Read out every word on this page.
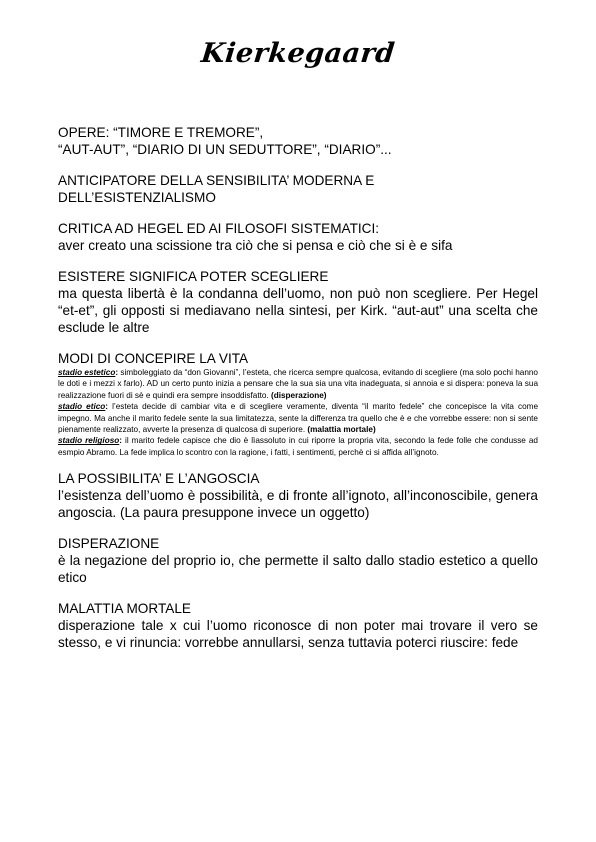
Kierkegaard
OPERE: “TIMORE E TREMORE”,
“AUT-AUT”, “DIARIO DI UN SEDUTTORE”, “DIARIO”...
ANTICIPATORE DELLA SENSIBILITA’ MODERNA E
DELL’ESISTENZIALISMO
CRITICA AD HEGEL ED AI FILOSOFI SISTEMATICI:
aver creato una scissione tra ciò che si pensa e ciò che si è e sifa
ESISTERE SIGNIFICA POTER SCEGLIERE

ma questa libertà è la condanna dell’uomo, non può non scegliere. Per Hegel “et-et”, gli opposti si mediavano nella sintesi, per Kirk. “aut-aut” una scelta che esclude le altre

MODI DI CONCEPIRE LA VITA

stadio estetico: simboleggiato da “don Giovanni”, l’esteta, che ricerca sempre qualcosa, evitando di scegliere (ma solo pochi hanno le doti e i mezzi x farlo). AD un certo punto inizia a pensare che la sua sia una vita inadeguata, si annoia e si dispera: poneva la sua realizzazione fuori di sè e quindi era sempre insoddisfatto. (disperazione)

stadio etico: l’esteta decide di cambiar vita e di scegliere veramente, diventa “il marito fedele” che concepisce la vita come impegno. Ma anche il marito fedele sente la sua limitatezza, sente la differenza tra quello che è e che vorrebbe essere: non si sente pienamente realizzato, avverte la presenza di qualcosa di superiore. (malattia mortale)

stadio religioso: il marito fedele capisce che dio è lìassoluto in cui riporre la propria vita, secondo la fede folle che condusse ad esmpio Abramo. La fede implica lo scontro con la ragione, i fatti, i sentimenti, perchè ci si affida all’ignoto.

LA POSSIBILITA’ E L’ANGOSCIA

l’esistenza dell’uomo è possibilità, e di fronte all’ignoto, all’inconoscibile, genera angoscia. (La paura presuppone invece un oggetto)

DISPERAZIONE

è la negazione del proprio io, che permette il salto dallo stadio estetico a quello etico

MALATTIA MORTALE

disperazione tale x cui l’uomo riconosce di non poter mai trovare il vero se stesso, e vi rinuncia: vorrebbe annullarsi, senza tuttavia poterci riuscire: fede
